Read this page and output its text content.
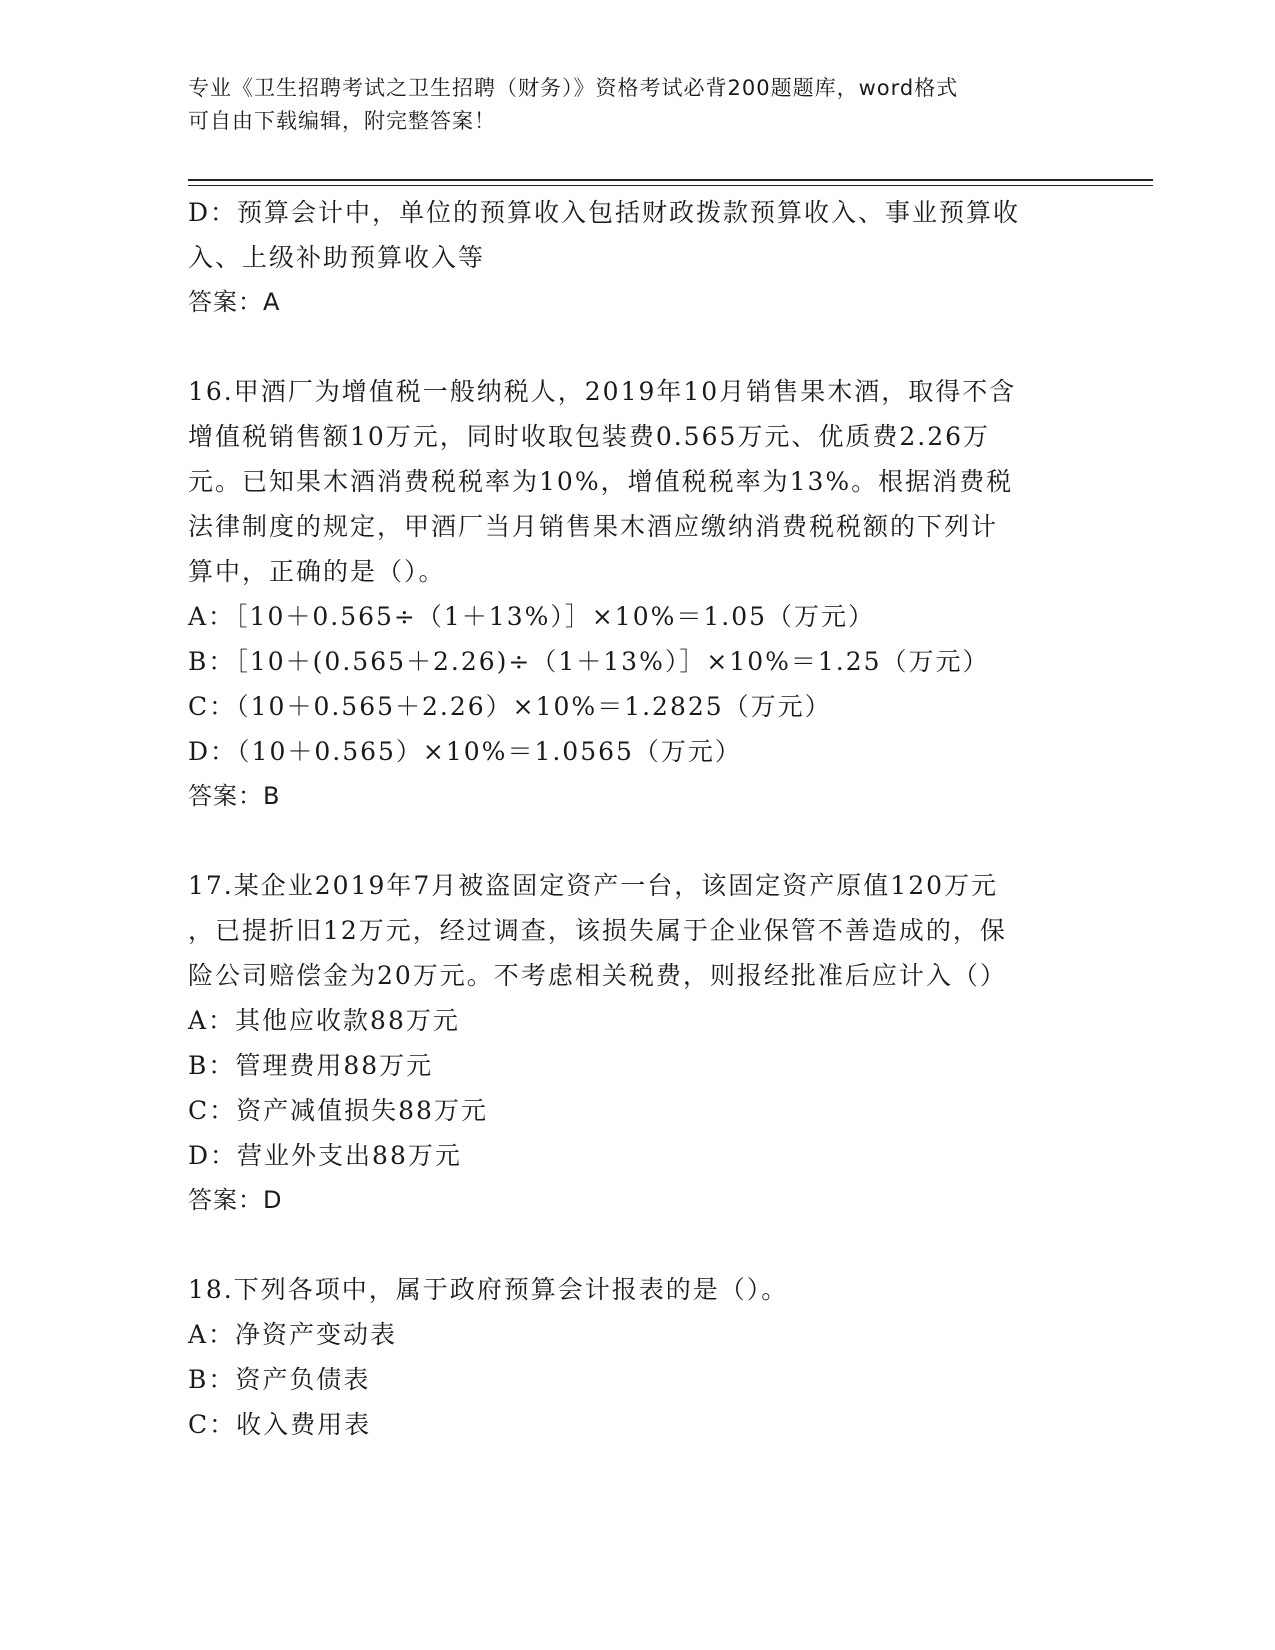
专业《卫生招聘考试之卫生招聘（财务）》资格考试必背200题题库，word格式
可自由下载编辑，附完整答案！
D：预算会计中，单位的预算收入包括财政拨款预算收入、事业预算收
入、上级补助预算收入等
答案：A
16.甲酒厂为增值税一般纳税人，2019年10月销售果木酒，取得不含
增值税销售额10万元，同时收取包装费0.565万元、优质费2.26万
元。已知果木酒消费税税率为10%，增值税税率为13%。根据消费税
法律制度的规定，甲酒厂当月销售果木酒应缴纳消费税税额的下列计
算中，正确的是（）。
A：［10＋0.565÷（1＋13%）］×10%＝1.05（万元）
B：［10＋(0.565＋2.26)÷（1＋13%）］×10%＝1.25（万元）
C：（10＋0.565＋2.26）×10%＝1.2825（万元）
D：（10＋0.565）×10%＝1.0565（万元）
答案：B
17.某企业2019年7月被盗固定资产一台，该固定资产原值120万元
，已提折旧12万元，经过调查，该损失属于企业保管不善造成的，保
险公司赔偿金为20万元。不考虑相关税费，则报经批准后应计入（）
A：其他应收款88万元
B：管理费用88万元
C：资产减值损失88万元
D：营业外支出88万元
答案：D
18.下列各项中，属于政府预算会计报表的是（）。
A：净资产变动表
B：资产负债表
C：收入费用表
